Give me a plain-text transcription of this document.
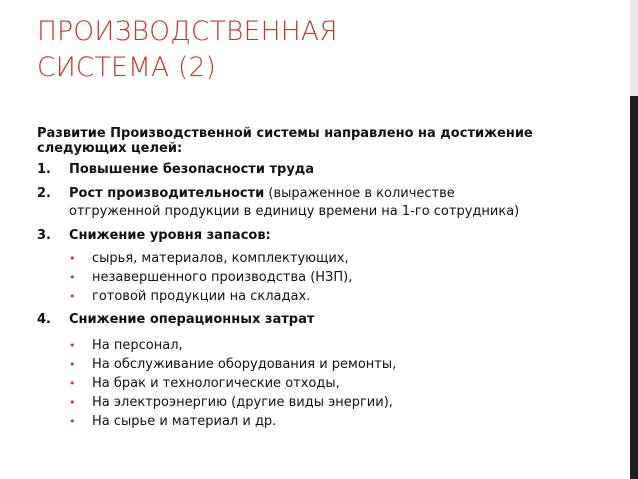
ПРОИЗВОДСТВЕННАЯ
СИСТЕМА (2)
Развитие Производственной системы направлено на достижение
следующих целей:
1.	Повышение безопасности труда
2.	Рост производительности (выраженное в количестве
отгруженной продукции в единицу времени на 1-го сотрудника)
3.	Снижение уровня запасов:
•	сырья, материалов, комплектующих,
•	незавершенного производства (НЗП),
•	готовой продукции на складах.
4.	Снижение операционных затрат
•	На персонал,
•	На обслуживание оборудования и ремонты,
•	На брак и технологические отходы,
•	На электроэнергию (другие виды энергии),
•	На сырье и материал и др.
